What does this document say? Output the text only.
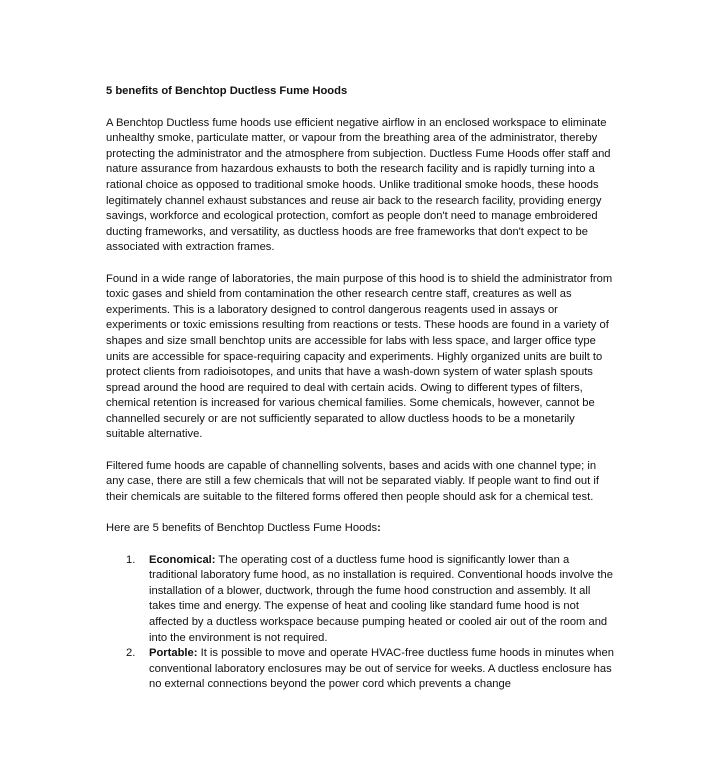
5 benefits of Benchtop Ductless Fume Hoods

A Benchtop Ductless fume hoods use efficient negative airflow in an enclosed workspace to eliminate unhealthy smoke, particulate matter, or vapour from the breathing area of the administrator, thereby protecting the administrator and the atmosphere from subjection. Ductless Fume Hoods offer staff and nature assurance from hazardous exhausts to both the research facility and is rapidly turning into a rational choice as opposed to traditional smoke hoods. Unlike traditional smoke hoods, these hoods legitimately channel exhaust substances and reuse air back to the research facility, providing energy savings, workforce and ecological protection, comfort as people don't need to manage embroidered ducting frameworks, and versatility, as ductless hoods are free frameworks that don't expect to be associated with extraction frames.

Found in a wide range of laboratories, the main purpose of this hood is to shield the administrator from toxic gases and shield from contamination the other research centre staff, creatures as well as experiments. This is a laboratory designed to control dangerous reagents used in assays or experiments or toxic emissions resulting from reactions or tests. These hoods are found in a variety of shapes and size small benchtop units are accessible for labs with less space, and larger office type units are accessible for space-requiring capacity and experiments. Highly organized units are built to protect clients from radioisotopes, and units that have a wash-down system of water splash spouts spread around the hood are required to deal with certain acids. Owing to different types of filters, chemical retention is increased for various chemical families. Some chemicals, however, cannot be channelled securely or are not sufficiently separated to allow ductless hoods to be a monetarily suitable alternative.

Filtered fume hoods are capable of channelling solvents, bases and acids with one channel type; in any case, there are still a few chemicals that will not be separated viably. If people want to find out if their chemicals are suitable to the filtered forms offered then people should ask for a chemical test.

Here are 5 benefits of Benchtop Ductless Fume Hoods:
1. Economical: The operating cost of a ductless fume hood is significantly lower than a traditional laboratory fume hood, as no installation is required. Conventional hoods involve the installation of a blower, ductwork, through the fume hood construction and assembly. It all takes time and energy. The expense of heat and cooling like standard fume hood is not affected by a ductless workspace because pumping heated or cooled air out of the room and into the environment is not required.
2. Portable: It is possible to move and operate HVAC-free ductless fume hoods in minutes when conventional laboratory enclosures may be out of service for weeks. A ductless enclosure has no external connections beyond the power cord which prevents a change
